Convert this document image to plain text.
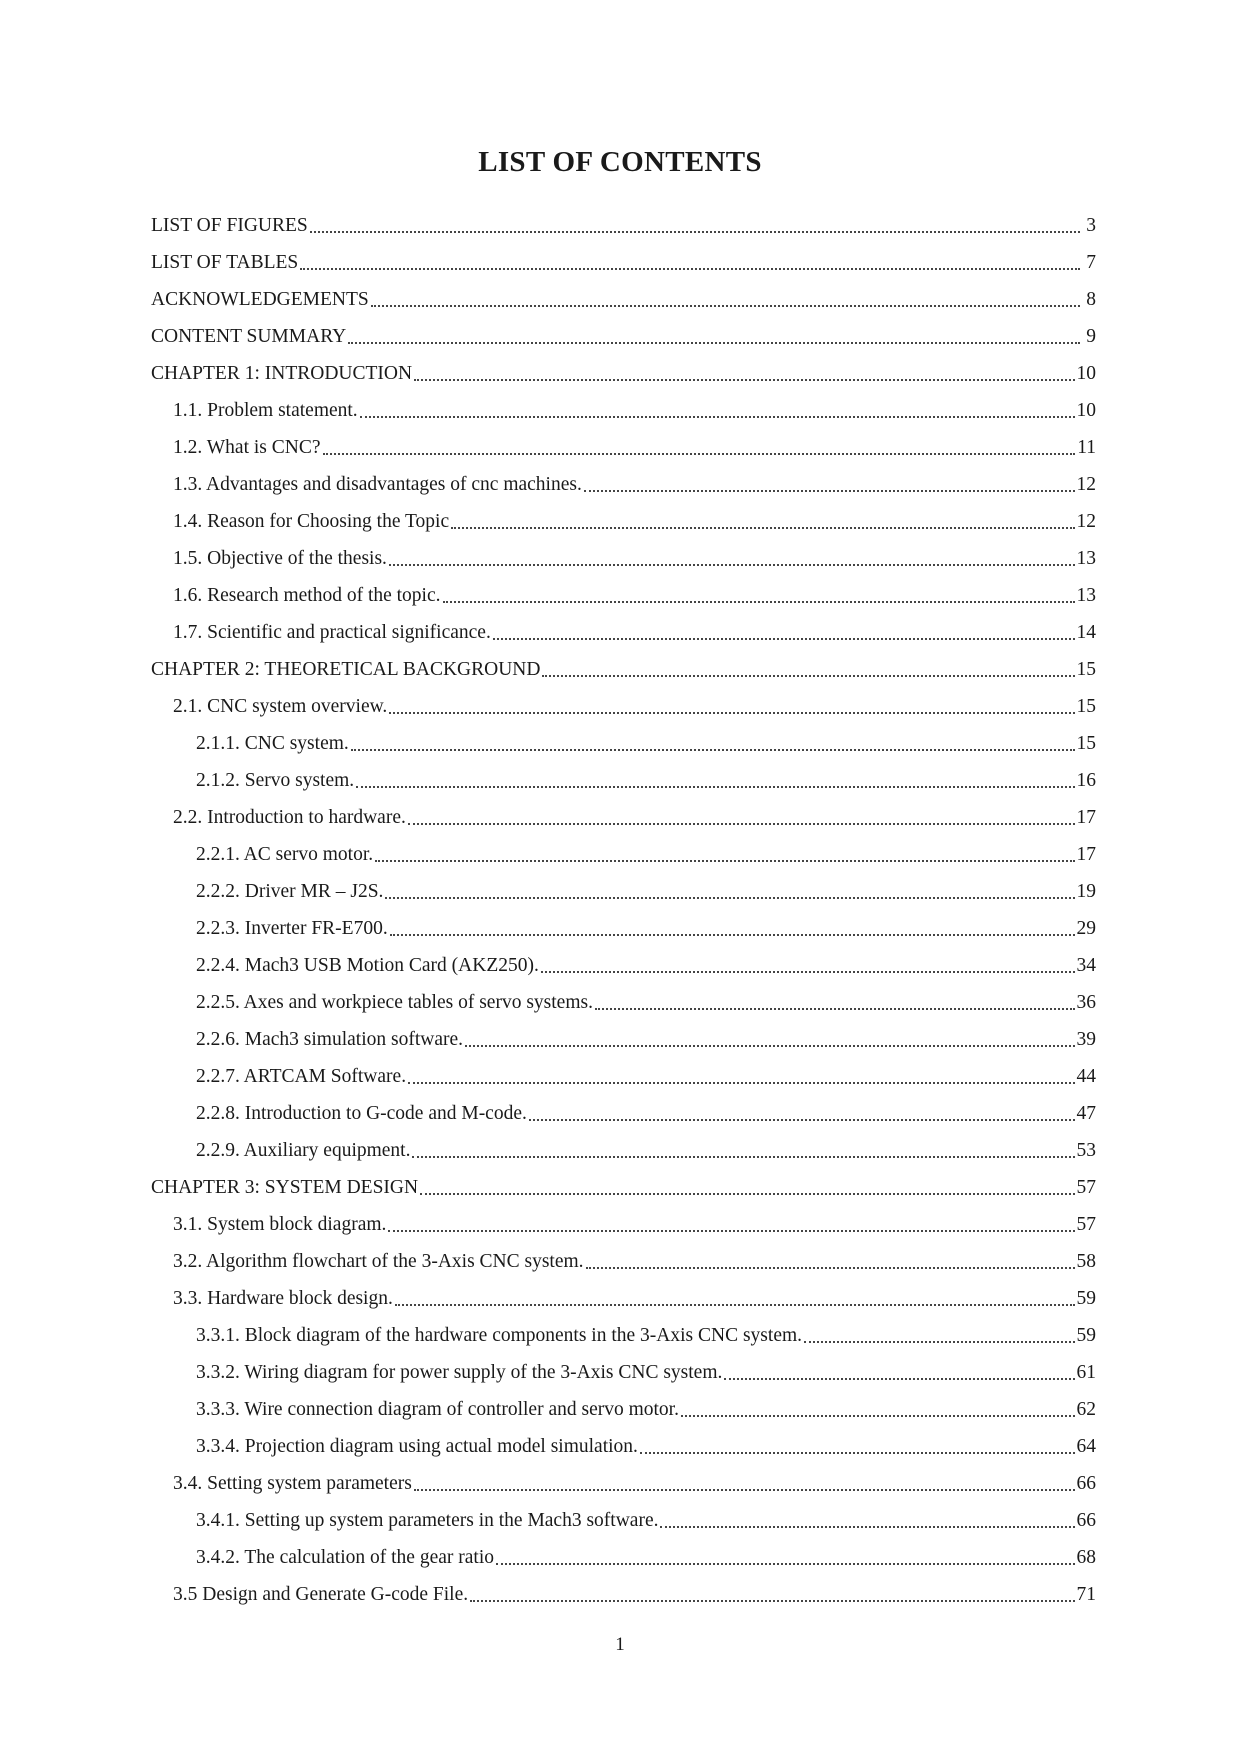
LIST OF CONTENTS
LIST OF FIGURES	3
LIST OF TABLES	7
ACKNOWLEDGEMENTS	8
CONTENT SUMMARY	9
CHAPTER 1: INTRODUCTION	10
1.1. Problem statement.	10
1.2. What is CNC?	11
1.3. Advantages and disadvantages of cnc machines.	12
1.4. Reason for Choosing the Topic	12
1.5. Objective of the thesis.	13
1.6. Research method of the topic.	13
1.7. Scientific and practical significance.	14
CHAPTER 2: THEORETICAL BACKGROUND	15
2.1. CNC system overview.	15
2.1.1. CNC system.	15
2.1.2. Servo system.	16
2.2. Introduction to hardware.	17
2.2.1. AC servo motor.	17
2.2.2. Driver MR – J2S.	19
2.2.3. Inverter FR-E700.	29
2.2.4. Mach3 USB Motion Card (AKZ250).	34
2.2.5. Axes and workpiece tables of servo systems.	36
2.2.6. Mach3 simulation software.	39
2.2.7. ARTCAM Software.	44
2.2.8. Introduction to G-code and M-code.	47
2.2.9. Auxiliary equipment.	53
CHAPTER 3: SYSTEM DESIGN	57
3.1. System block diagram.	57
3.2. Algorithm flowchart of the 3-Axis CNC system.	58
3.3. Hardware block design.	59
3.3.1. Block diagram of the hardware components in the 3-Axis CNC system.	59
3.3.2. Wiring diagram for power supply of the 3-Axis CNC system.	61
3.3.3. Wire connection diagram of controller and servo motor.	62
3.3.4. Projection diagram using actual model simulation.	64
3.4. Setting system parameters	66
3.4.1. Setting up system parameters in the Mach3 software.	66
3.4.2. The calculation of the gear ratio	68
3.5 Design and Generate G-code File.	71
1
